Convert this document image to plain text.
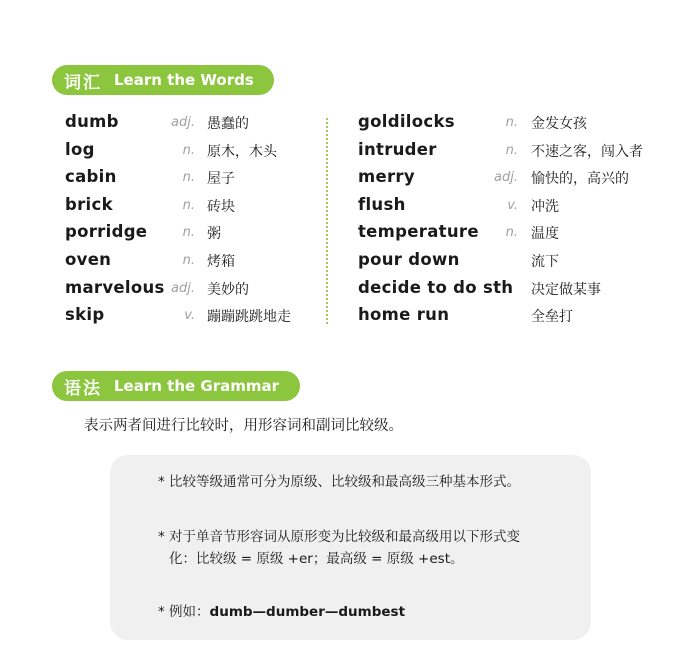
词汇 Learn the Words
dumb	adj. 愚蠢的
log	n. 原木，木头
cabin	n. 屋子
brick	n. 砖块
porridge	n. 粥
oven	n. 烤箱
marvelous adj. 美妙的
skip	v. 蹦蹦跳跳地走
goldilocks	n. 金发女孩
intruder	n. 不速之客，闯入者
merry	adj. 愉快的，高兴的
flush	v. 冲洗
temperature	n. 温度
pour down	流下
decide to do sth 决定做某事
home run	全垒打
语法 Learn the Grammar
表示两者间进行比较时，用形容词和副词比较级。
* 比较等级通常可分为原级、比较级和最高级三种基本形式。
* 对于单音节形容词从原形变为比较级和最高级用以下形式变
化：比较级 = 原级 +er；最高级 = 原级 +est。
* 例如：dumb—dumber—dumbest
